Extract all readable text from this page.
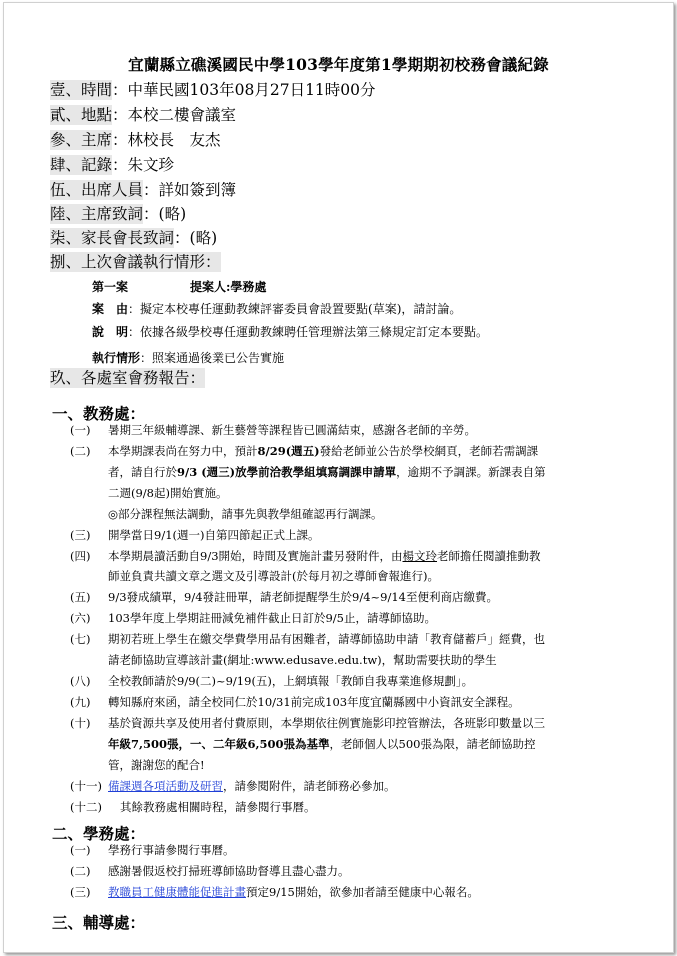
宜蘭縣立礁溪國民中學103學年度第1學期期初校務會議紀錄
壹、時間：中華民國103年08月27日11時00分
貳、地點：本校二樓會議室
參、主席：林校長　友杰
肆、記錄：朱文珍
伍、出席人員：詳如簽到簿
陸、主席致詞：(略)
柒、家長會長致詞：(略)
捌、上次會議執行情形：
第一案	提案人:學務處
案　由：擬定本校專任運動教練評審委員會設置要點(草案)，請討論。
說　明：依據各級學校專任運動教練聘任管理辦法第三條規定訂定本要點。
執行情形：照案通過後業已公告實施
玖、各處室會務報告：
一、教務處：
(一) 暑期三年級輔導課、新生藝營等課程皆已圓滿結束，感謝各老師的辛勞。
(二) 本學期課表尚在努力中，預計8/29(週五)發給老師並公告於學校網頁，老師若需調課
者，請自行於9/3 (週三)放學前洽教學組填寫調課申請單，逾期不予調課。新課表自第
二週(9/8起)開始實施。
◎部分課程無法調動，請事先與教學組確認再行調課。
(三) 開學當日9/1(週一)自第四節起正式上課。
(四) 本學期晨讀活動自9/3開始，時間及實施計畫另發附件，由楊文玲老師擔任閱讀推動教
師並負責共讀文章之選文及引導設計(於每月初之導師會報進行)。
(五) 9/3發成績單，9/4發註冊單，請老師提醒學生於9/4~9/14至便利商店繳費。
(六) 103學年度上學期註冊減免補件截止日訂於9/5止，請導師協助。
(七) 期初若班上學生在繳交學費學用品有困難者，請導師協助申請「教育儲蓄戶」經費，也
請老師協助宣導該計畫(網址:www.edusave.edu.tw)，幫助需要扶助的學生
(八) 全校教師請於9/9(二)~9/19(五)，上網填報「教師自我專業進修規劃」。
(九) 轉知縣府來函，請全校同仁於10/31前完成103年度宜蘭縣國中小資訊安全課程。
(十) 基於資源共享及使用者付費原則，本學期依往例實施影印控管辦法，各班影印數量以三
年級7,500張，一、二年級6,500張為基準，老師個人以500張為限，請老師協助控
管，謝謝您的配合!
(十一) 備課週各項活動及研習，請參閱附件，請老師務必參加。
(十二) 其餘教務處相關時程，請參閱行事曆。
二、學務處：
(一) 學務行事請參閱行事曆。
(二) 感謝暑假返校打掃班導師協助督導且盡心盡力。
(三) 教職員工健康體能促進計畫預定9/15開始，欲參加者請至健康中心報名。
三、輔導處：
